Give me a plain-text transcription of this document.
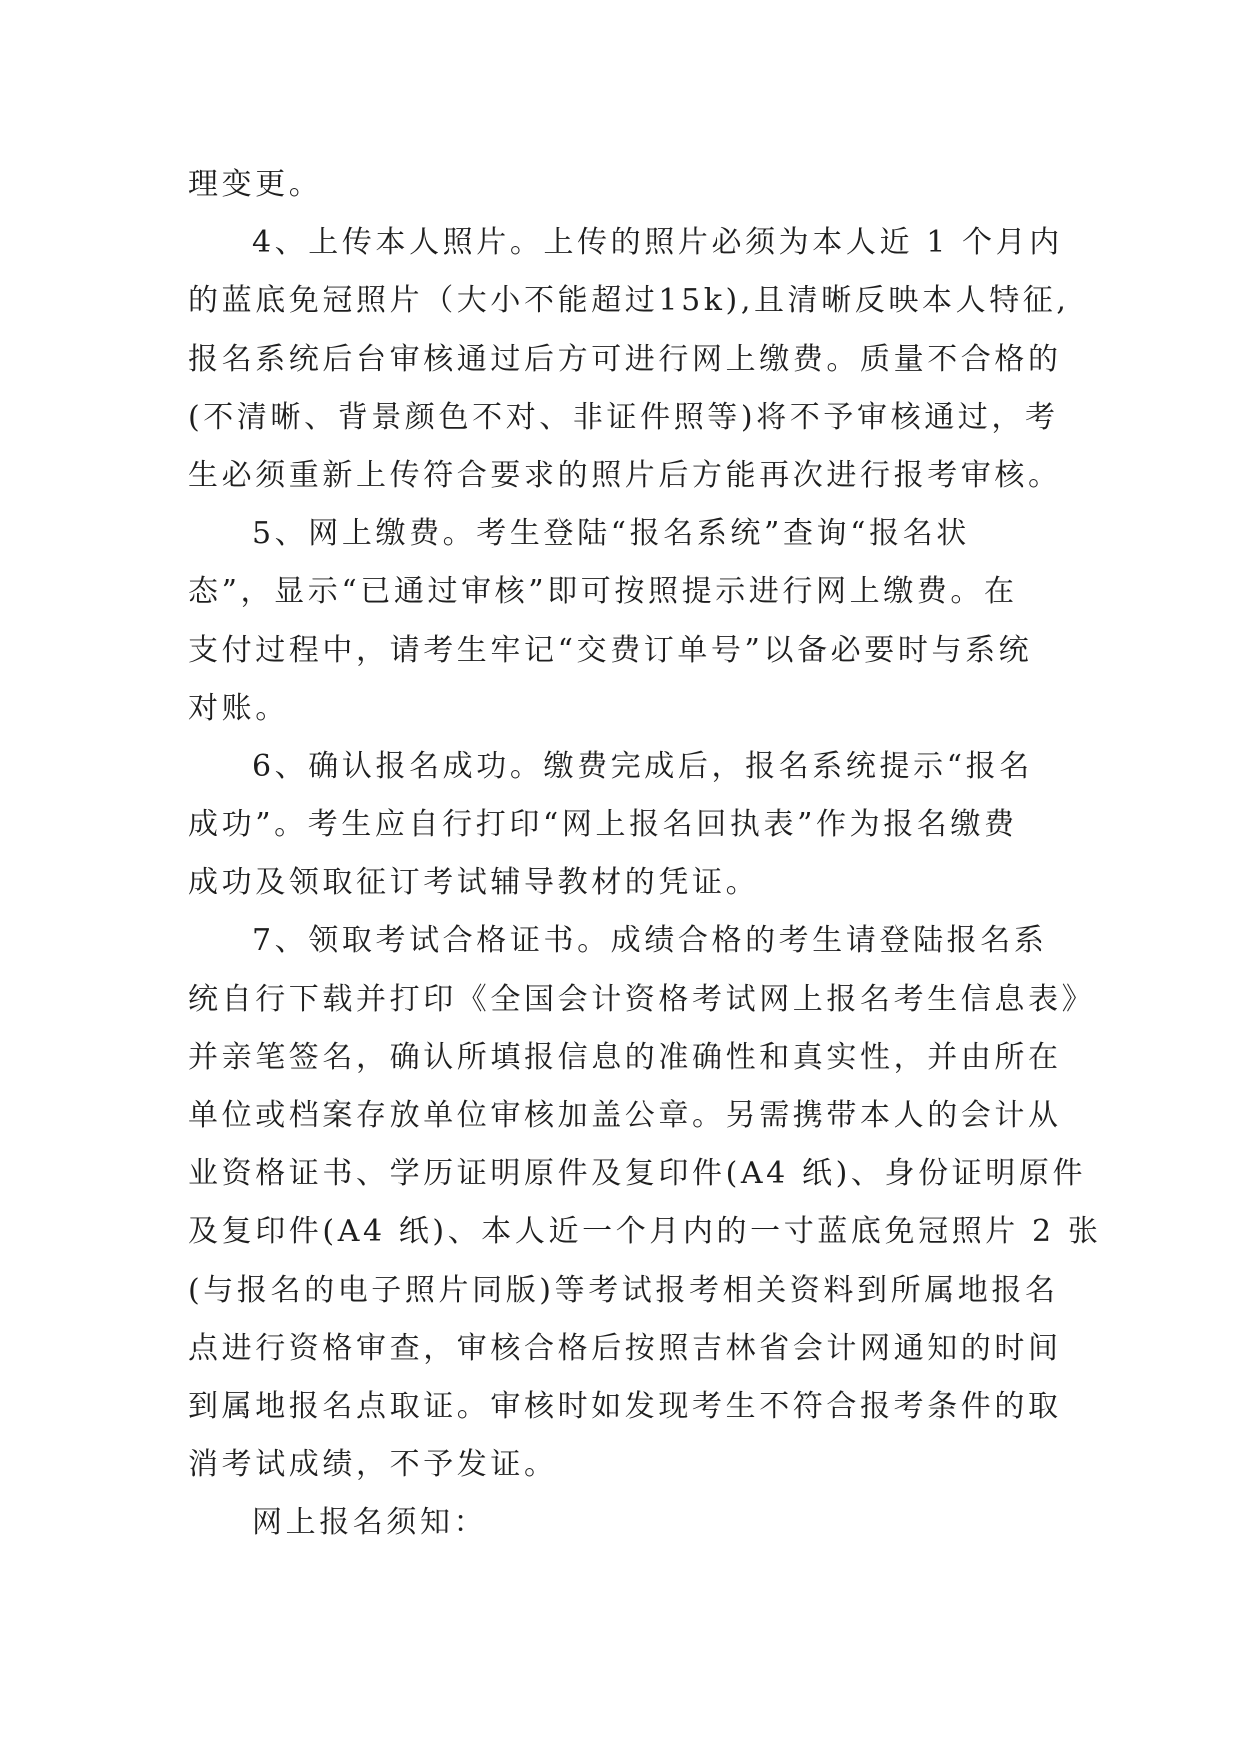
理变更。
4、上传本人照片。上传的照片必须为本人近 1 个月内
的蓝底免冠照片（大小不能超过15k),且清晰反映本人特征,
报名系统后台审核通过后方可进行网上缴费。质量不合格的
(不清晰、背景颜色不对、非证件照等)将不予审核通过，考
生必须重新上传符合要求的照片后方能再次进行报考审核。
5、网上缴费。考生登陆“报名系统”查询“报名状
态”，显示“已通过审核”即可按照提示进行网上缴费。在
支付过程中，请考生牢记“交费订单号”以备必要时与系统
对账。
6、确认报名成功。缴费完成后，报名系统提示“报名
成功”。考生应自行打印“网上报名回执表”作为报名缴费
成功及领取征订考试辅导教材的凭证。
7、领取考试合格证书。成绩合格的考生请登陆报名系
统自行下载并打印《全国会计资格考试网上报名考生信息表》
并亲笔签名，确认所填报信息的准确性和真实性，并由所在
单位或档案存放单位审核加盖公章。另需携带本人的会计从
业资格证书、学历证明原件及复印件(A4 纸)、身份证明原件
及复印件(A4 纸)、本人近一个月内的一寸蓝底免冠照片 2 张
(与报名的电子照片同版)等考试报考相关资料到所属地报名
点进行资格审查，审核合格后按照吉林省会计网通知的时间
到属地报名点取证。审核时如发现考生不符合报考条件的取
消考试成绩，不予发证。
网上报名须知：
